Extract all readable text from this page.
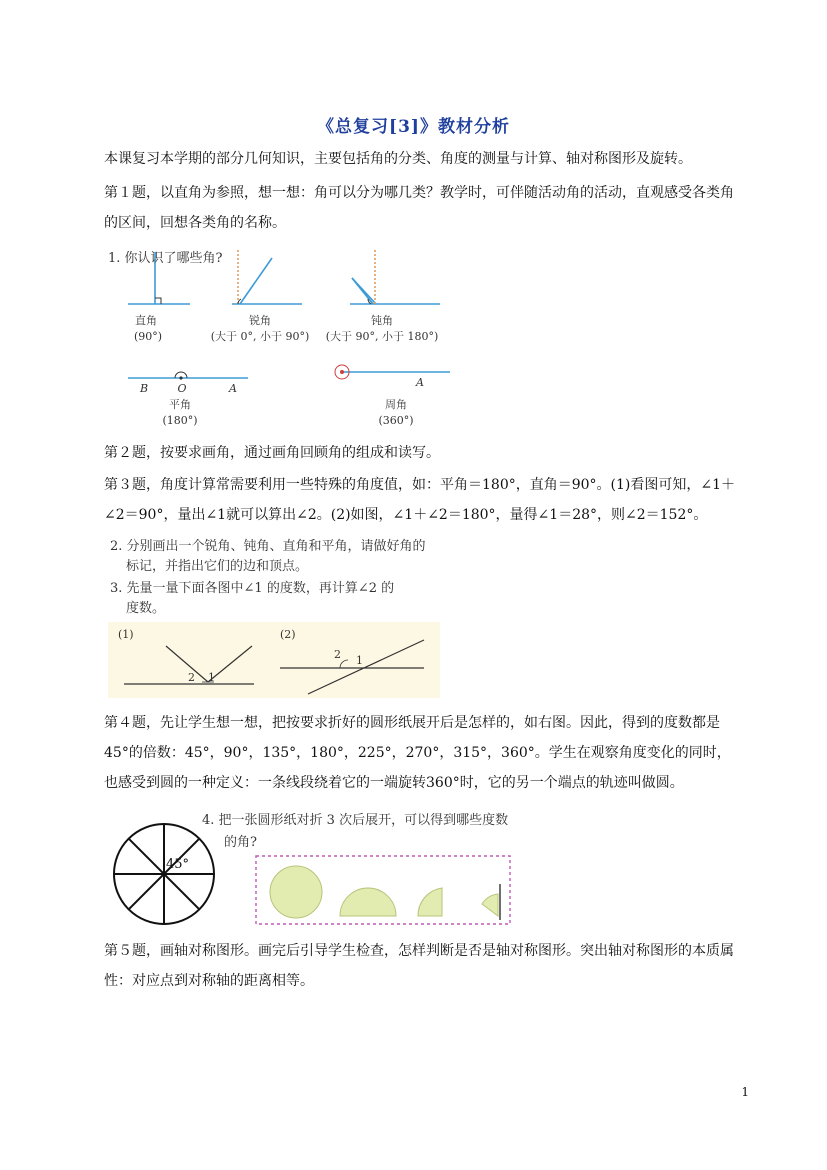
《总复习[3]》教材分析
本课复习本学期的部分几何知识，主要包括角的分类、角度的测量与计算、轴对称图形及旋转。
第１题，以直角为参照，想一想：角可以分为哪几类？教学时，可伴随活动角的活动，直观感受各类角的区间，回想各类角的名称。
直角
(90°)
锐角
(大于 0°, 小于 90°)
钝角
(大于 90°, 小于 180°)
平角
(180°)
周角
(360°)
B	O	A	A
1. 你认识了哪些角?
第２题，按要求画角，通过画角回顾角的组成和读写。
第３题，角度计算常需要利用一些特殊的角度值，如：平角＝180°，直角＝90°。(1)看图可知，∠1＋∠2＝90°，量出∠1就可以算出∠2。(2)如图，∠1＋∠2＝180°，量得∠1＝28°，则∠2＝152°。
2. 分别画出一个锐角、钝角、直角和平角，请做好角的
标记，并指出它们的边和顶点。
3. 先量一量下面各图中∠1 的度数，再计算∠2 的
度数。
(1)	(2)
2 1
2 1
第４题，先让学生想一想，把按要求折好的圆形纸展开后是怎样的，如右图。因此，得到的度数都是45°的倍数：45°，90°，135°，180°，225°，270°，315°，360°。学生在观察角度变化的同时，也感受到圆的一种定义：一条线段绕着它的一端旋转360°时，它的另一个端点的轨迹叫做圆。
45°
4. 把一张圆形纸对折 3 次后展开，可以得到哪些度数
的角?
第５题，画轴对称图形。画完后引导学生检查，怎样判断是否是轴对称图形。突出轴对称图形的本质属性：对应点到对称轴的距离相等。
1
